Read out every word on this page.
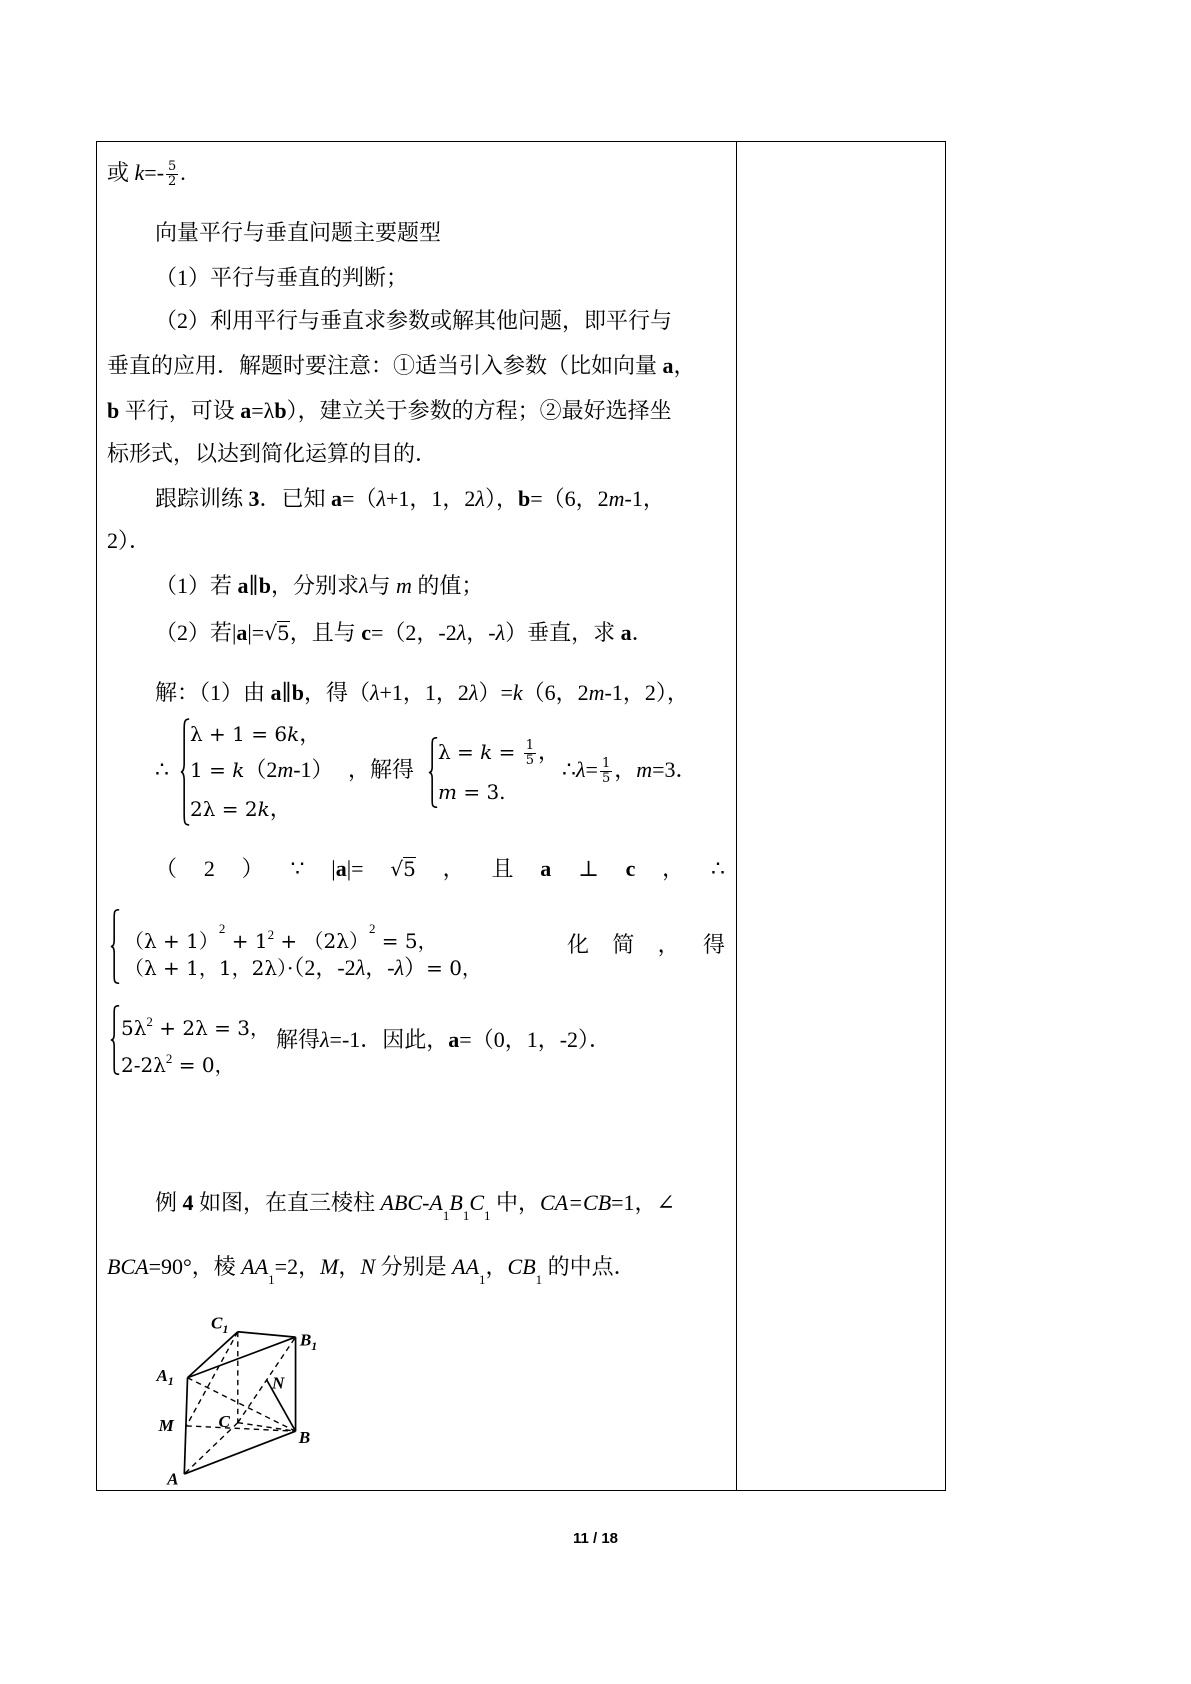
或 $k=- \frac{5}{2}$ .
向量平行与垂直问题主要题型
（1）平行与垂直的判断；
（2）利用平行与垂直求参数或解其他问题，即平行与
垂直的应用．解题时要注意：①适当引入参数（比如向量 a，
b 平行，可设 a=λb），建立关于参数的方程；②最好选择坐
标形式，以达到简化运算的目的．
跟踪训练 3．已知 a=（λ+1，1，2λ），b=（6，2m-1，
2）．
（1）若 a∥b，分别求λ与 m 的值；
（2）若|a|=√5，且与 c=（2，-2λ，-λ）垂直，求 a．
解：（1）由 a∥b，得（λ+1，1，2λ）=k（6，2m-1，2），
∴
λ + 1 = 6k，
1 = k（2m-1）
2λ = 2k，
，解得
$\lambda = k = \frac{1}{5}$ ，
m = 3.
∴λ= $\frac{1}{5}$ ，m=3．
（ 2 ） ∵ |a|= √5 ， 且 a ⊥ c ， ∴
$(\lambda + 1)^2 + 1^2 + (2\lambda)^2 = 5$，
（λ + 1，1，2λ）·（2，-2λ，-λ）= 0，
化 简 ， 得
$5\lambda^2 + 2\lambda = 3$，
$2-2\lambda^2 = 0$，
解得λ=-1．因此，a=（0，1，-2）．
例 4 如图，在直三棱柱 ABC-$A_1B_1C_1$ 中，CA=CB=1，∠
BCA=90°，棱 $AA_1=2$，M，N 分别是 $AA_1$，$CB_1$ 的中点．
$C_1$
$B_1$
$A_1$	N
M	C
B
A
11 / 18
